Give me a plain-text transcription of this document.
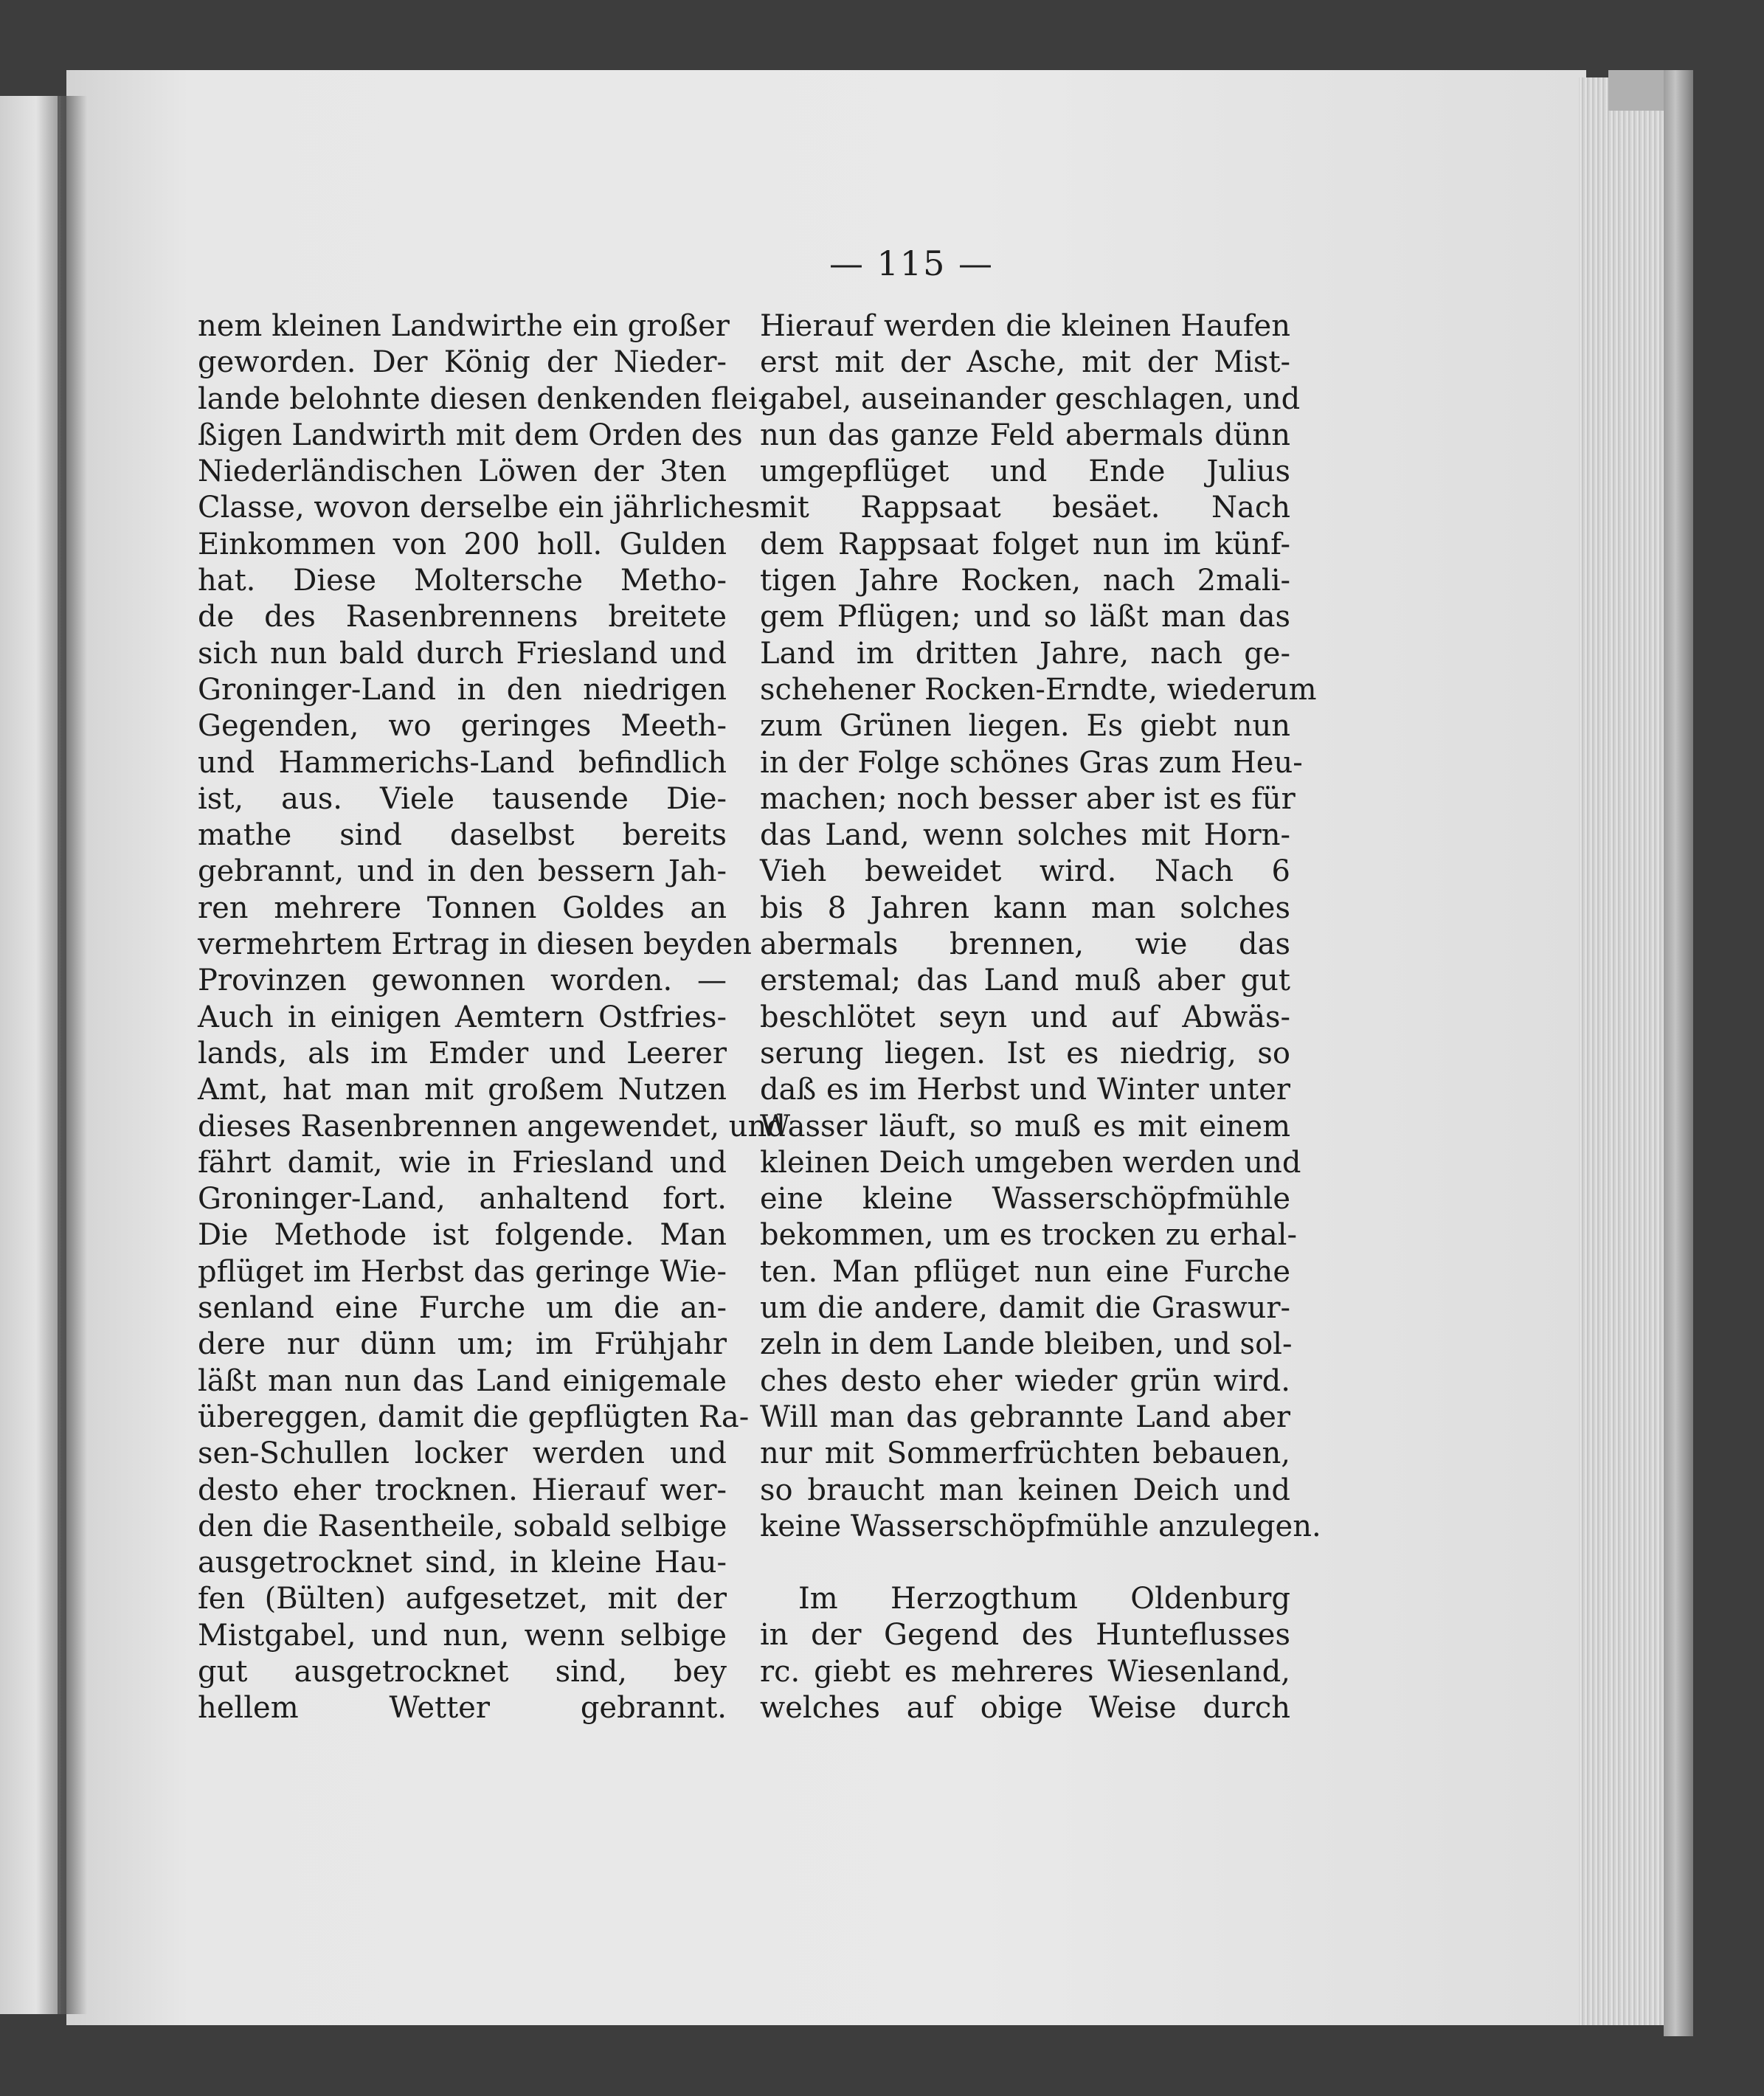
— 115 —
nem kleinen Landwirthe ein großer
geworden. Der König der Nieder-
lande belohnte diesen denkenden flei-
ßigen Landwirth mit dem Orden des
Niederländischen Löwen der 3ten
Classe, wovon derselbe ein jährliches
Einkommen von 200 holl. Gulden
hat. Diese Moltersche Metho-
de des Rasenbrennens breitete
sich nun bald durch Friesland und
Groninger-Land in den niedrigen
Gegenden, wo geringes Meeth-
und Hammerichs-Land befindlich
ist, aus. Viele tausende Die-
mathe sind daselbst bereits
gebrannt, und in den bessern Jah-
ren mehrere Tonnen Goldes an
vermehrtem Ertrag in diesen beyden
Provinzen gewonnen worden. —
Auch in einigen Aemtern Ostfries-
lands, als im Emder und Leerer
Amt, hat man mit großem Nutzen
dieses Rasenbrennen angewendet, und
fährt damit, wie in Friesland und
Groninger-Land, anhaltend fort.
Die Methode ist folgende. Man
pflüget im Herbst das geringe Wie-
senland eine Furche um die an-
dere nur dünn um; im Frühjahr
läßt man nun das Land einigemale
übereggen, damit die gepflügten Ra-
sen-Schullen locker werden und
desto eher trocknen. Hierauf wer-
den die Rasentheile, sobald selbige
ausgetrocknet sind, in kleine Hau-
fen (Bülten) aufgesetzet, mit der
Mistgabel, und nun, wenn selbige
gut ausgetrocknet sind, bey
hellem Wetter gebrannt.
Hierauf werden die kleinen Haufen
erst mit der Asche, mit der Mist-
gabel, auseinander geschlagen, und
nun das ganze Feld abermals dünn
umgepflüget und Ende Julius
mit Rappsaat besäet. Nach
dem Rappsaat folget nun im künf-
tigen Jahre Rocken, nach 2mali-
gem Pflügen; und so läßt man das
Land im dritten Jahre, nach ge-
schehener Rocken-Erndte, wiederum
zum Grünen liegen. Es giebt nun
in der Folge schönes Gras zum Heu-
machen; noch besser aber ist es für
das Land, wenn solches mit Horn-
Vieh beweidet wird. Nach 6
bis 8 Jahren kann man solches
abermals brennen, wie das
erstemal; das Land muß aber gut
beschlötet seyn und auf Abwäs-
serung liegen. Ist es niedrig, so
daß es im Herbst und Winter unter
Wasser läuft, so muß es mit einem
kleinen Deich umgeben werden und
eine kleine Wasserschöpfmühle
bekommen, um es trocken zu erhal-
ten. Man pflüget nun eine Furche
um die andere, damit die Graswur-
zeln in dem Lande bleiben, und sol-
ches desto eher wieder grün wird.
Will man das gebrannte Land aber
nur mit Sommerfrüchten bebauen,
so braucht man keinen Deich und
keine Wasserschöpfmühle anzulegen.
Im Herzogthum Oldenburg
in der Gegend des Hunteflusses
rc. giebt es mehreres Wiesenland,
welches auf obige Weise durch
